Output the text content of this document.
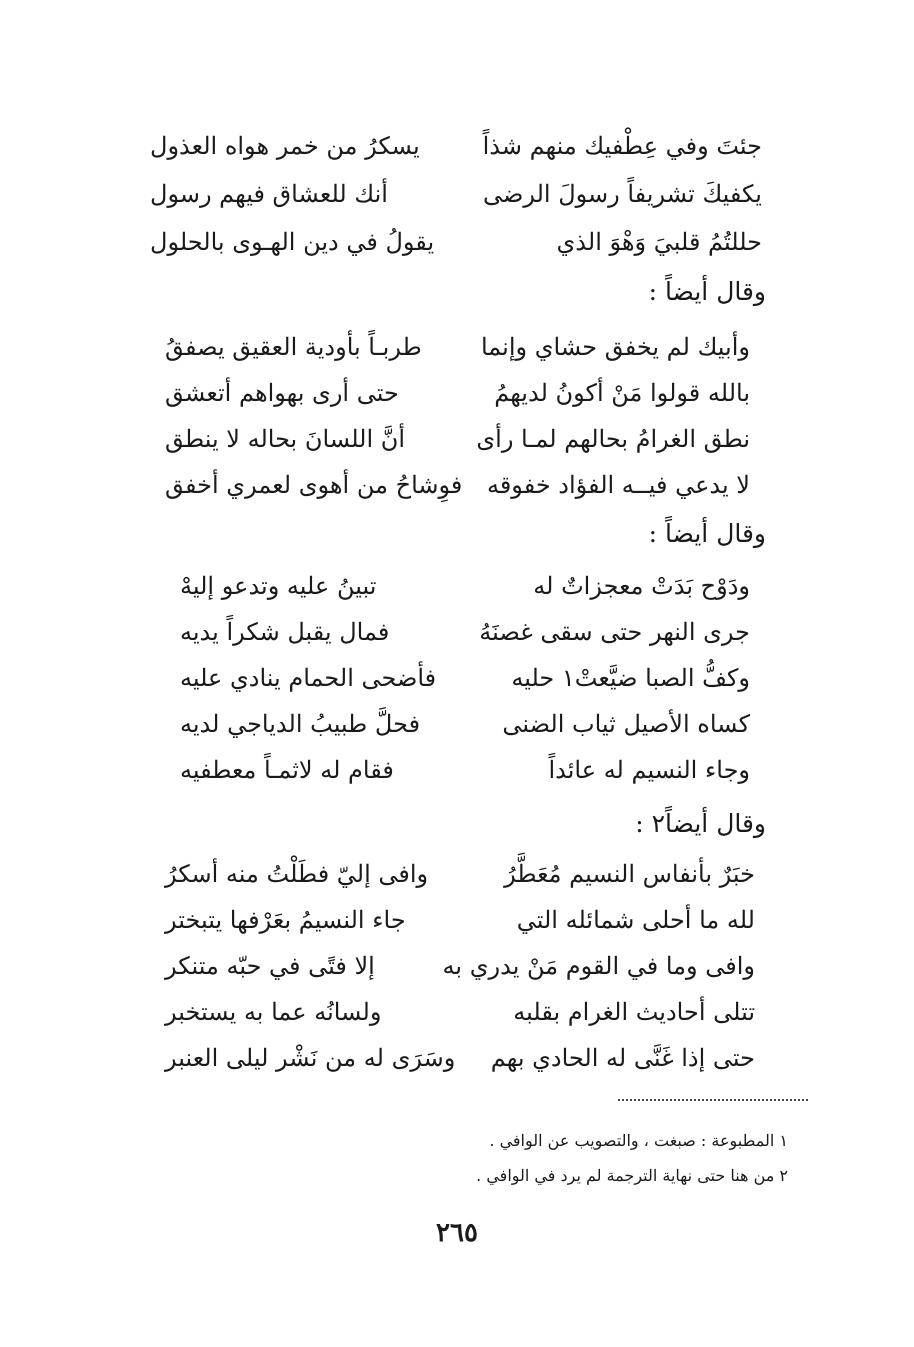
جئتَ وفي عِطْفيك منهم شذاً
يسكرُ من خمر هواه العذول
يكفيكَ تشريفاً رسولَ الرضى
أنك للعشاق فيهم رسول
حللتُمُ قلبيَ وَهْوَ الذي
يقولُ في دين الهـوى بالحلول
وقال أيضاً :
وأبيك لم يخفق حشاي وإنما
طربـاً بأودية العقيق يصفقُ
بالله قولوا مَنْ أكونُ لديهمُ
حتى أرى بهواهم أتعشق
نطق الغرامُ بحالهم لمـا رأى
أنَّ اللسانَ بحاله لا ينطق
لا يدعي فيــه الفؤاد خفوقه
فوِشاحُ من أهوى لعمري أخفق
وقال أيضاً :
ودَوْح بَدَتْ معجزاتٌ له
تبينُ عليه وتدعو إليهْ
جرى النهر حتى سقى غصنَهُ
فمال يقبل شكراً يديه
وكفُّ الصبا ضيَّعتْ١ حليه
فأضحى الحمام ينادي عليه
كساه الأصيل ثياب الضنى
فحلَّ طبيبُ الدياجي لديه
وجاء النسيم له عائداً
فقام له لاثمـاً معطفيه
وقال أيضاً٢ :
خبَرٌ بأنفاس النسيم مُعَطَّرُ
وافى إليّ فطَلْتُ منه أسكرُ
لله ما أحلى شمائله التي
جاء النسيمُ بعَرْفها يتبختر
وافى وما في القوم مَنْ يدري به
إلا فتًى في حبّه متنكر
تتلى أحاديث الغرام بقلبه
ولسانُه عما به يستخبر
حتى إذا غَنَّى له الحادي بهم
وسَرَى له من نَشْر ليلى العنبر
١ المطبوعة : صبغت ، والتصويب عن الوافي .
٢ من هنا حتى نهاية الترجمة لم يرد في الوافي .
٢٦٥
